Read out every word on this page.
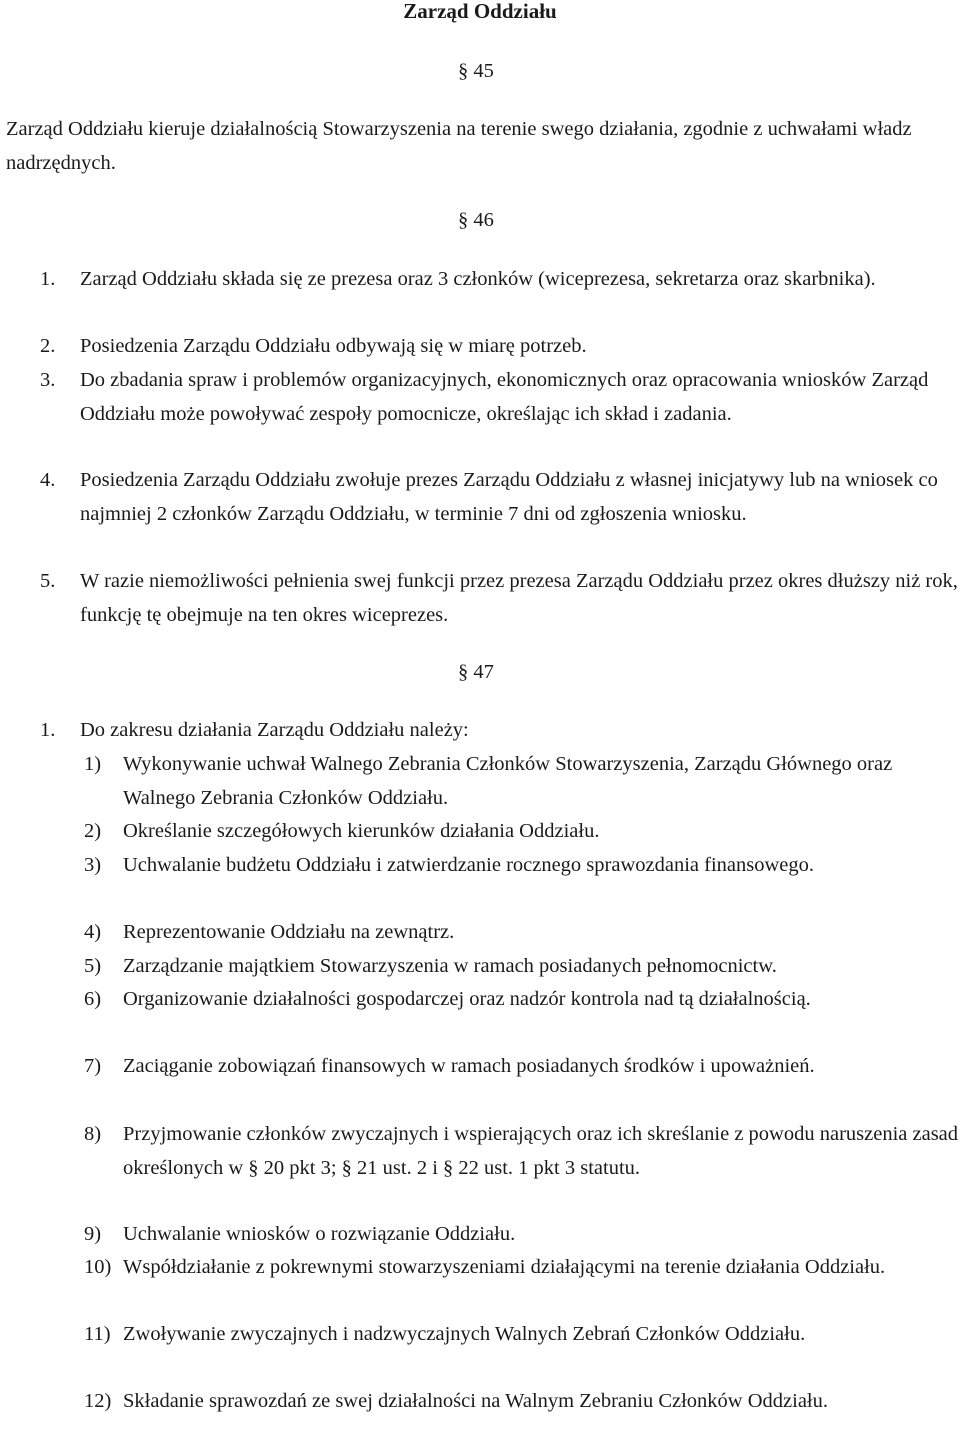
Zarząd Oddziału
§ 45
Zarząd Oddziału kieruje działalnością Stowarzyszenia na terenie swego działania, zgodnie z uchwałami władz nadrzędnych.
§ 46
1.	Zarząd Oddziału składa się ze prezesa oraz 3 członków (wiceprezesa, sekretarza oraz skarbnika).
2.	Posiedzenia Zarządu Oddziału odbywają się w miarę potrzeb.
3.	Do zbadania spraw i problemów organizacyjnych, ekonomicznych oraz opracowania wniosków Zarząd Oddziału może powoływać zespoły pomocnicze, określając ich skład i zadania.
4.	Posiedzenia Zarządu Oddziału zwołuje prezes Zarządu Oddziału z własnej inicjatywy lub na wniosek co najmniej 2 członków Zarządu Oddziału, w terminie 7 dni od zgłoszenia wniosku.
5.	W razie niemożliwości pełnienia swej funkcji przez prezesa Zarządu Oddziału przez okres dłuższy niż rok, funkcję tę obejmuje na ten okres wiceprezes.
§ 47
1.	Do zakresu działania Zarządu Oddziału należy:
1)	Wykonywanie uchwał Walnego Zebrania Członków Stowarzyszenia, Zarządu Głównego oraz Walnego Zebrania Członków Oddziału.
2)	Określanie szczegółowych kierunków działania Oddziału.
3)	Uchwalanie budżetu Oddziału i zatwierdzanie rocznego sprawozdania finansowego.
4)	Reprezentowanie Oddziału na zewnątrz.
5)	Zarządzanie majątkiem Stowarzyszenia w ramach posiadanych pełnomocnictw.
6)	Organizowanie działalności gospodarczej oraz nadzór kontrola nad tą działalnością.
7)	Zaciąganie zobowiązań finansowych w ramach posiadanych środków i upoważnień.
8)	Przyjmowanie członków zwyczajnych i wspierających oraz ich skreślanie z powodu naruszenia zasad określonych w § 20 pkt 3; § 21 ust. 2 i § 22 ust. 1 pkt 3 statutu.
9)	Uchwalanie wniosków o rozwiązanie Oddziału.
10) Współdziałanie z pokrewnymi stowarzyszeniami działającymi na terenie działania Oddziału.
11) Zwoływanie zwyczajnych i nadzwyczajnych Walnych Zebrań Członków Oddziału.
12) Składanie sprawozdań ze swej działalności na Walnym Zebraniu Członków Oddziału.
